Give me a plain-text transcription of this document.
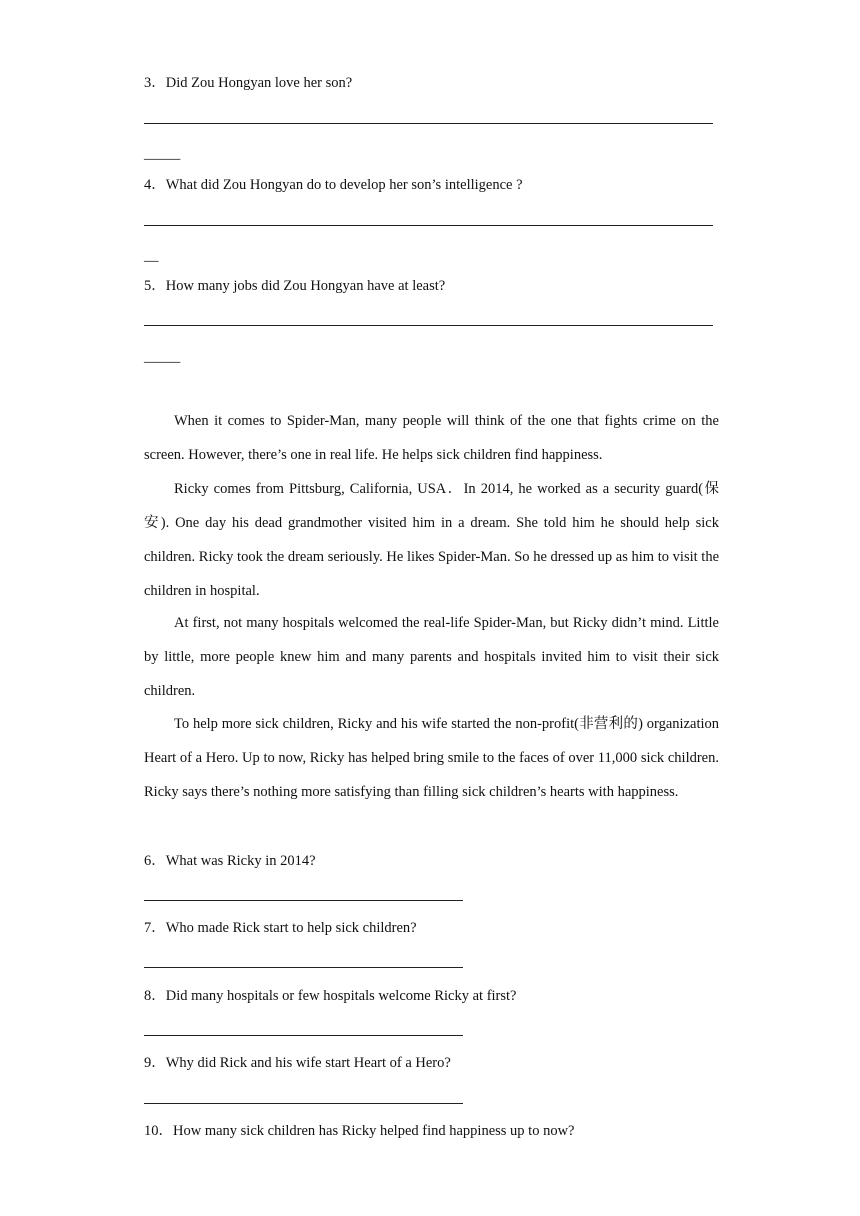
3．Did Zou Hongyan love her son?
_____
4．What did Zou Hongyan do to develop her son’s intelligence ?
__
5．How many jobs did Zou Hongyan have at least?
_____
When it comes to Spider-Man, many people will think of the one that fights crime on the screen. However, there’s one in real life. He helps sick children find happiness.
Ricky comes from Pittsburg, California, USA．In 2014, he worked as a security guard(保安). One day his dead grandmother visited him in a dream. She told him he should help sick children. Ricky took the dream seriously. He likes Spider-Man. So he dressed up as him to visit the children in hospital.
At first, not many hospitals welcomed the real-life Spider-Man, but Ricky didn’t mind. Little by little, more people knew him and many parents and hospitals invited him to visit their sick children.
To help more sick children, Ricky and his wife started the non-profit(非营利的) organization Heart of a Hero. Up to now, Ricky has helped bring smile to the faces of over 11,000 sick children. Ricky says there’s nothing more satisfying than filling sick children’s hearts with happiness.
6．What was Ricky in 2014?
7．Who made Rick start to help sick children?
8．Did many hospitals or few hospitals welcome Ricky at first?
9．Why did Rick and his wife start Heart of a Hero?
10．How many sick children has Ricky helped find happiness up to now?
